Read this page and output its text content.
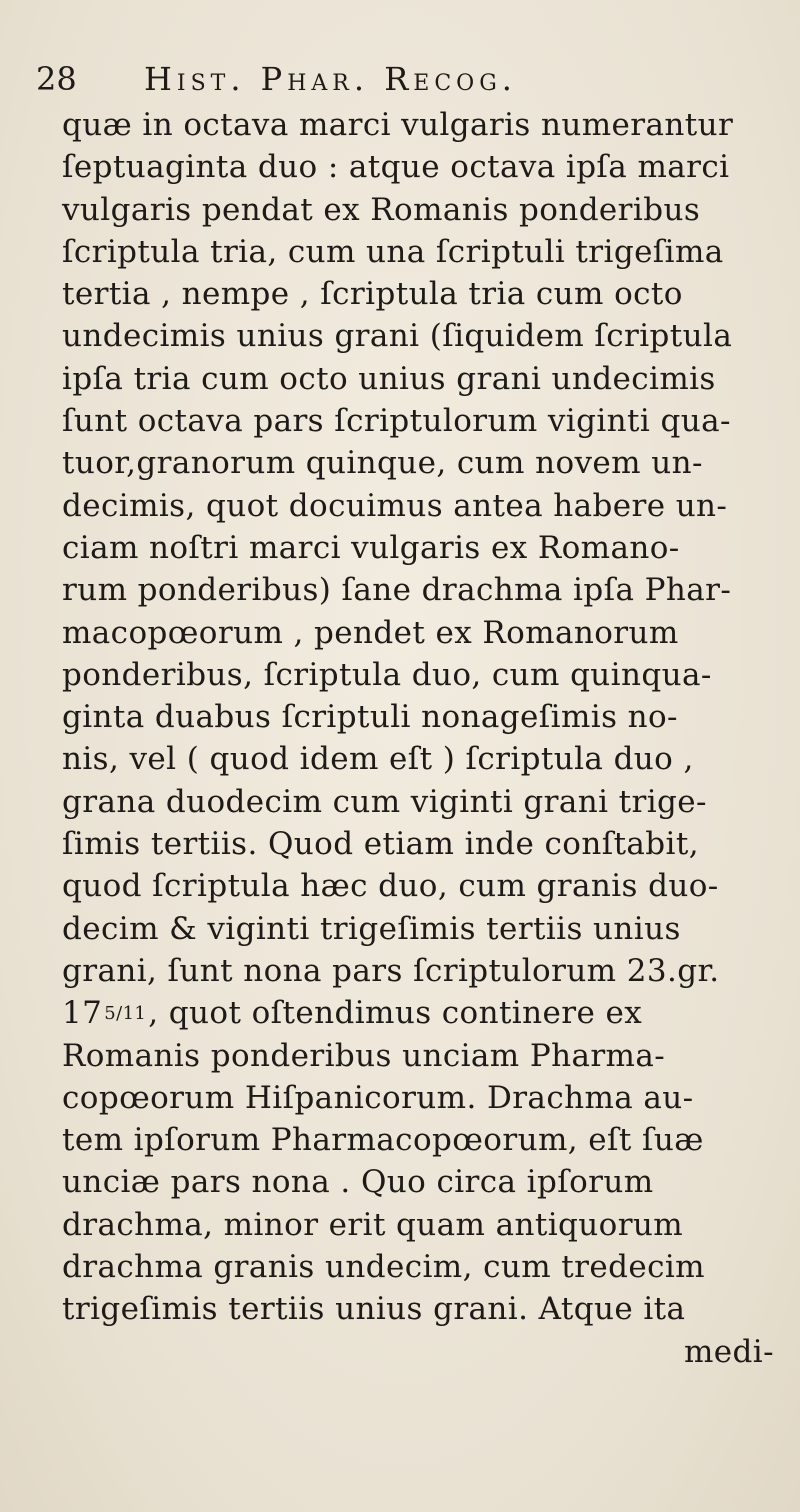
28 Hist. Phar. Recog.
quæ in octava marci vulgaris numerantur
ſeptuaginta duo : atque octava ipſa marci
vulgaris pendat ex Romanis ponderibus
ſcriptula tria, cum una ſcriptuli trigeſima
tertia , nempe , ſcriptula tria cum octo
undecimis unius grani (ſiquidem ſcriptula
ipſa tria cum octo unius grani undecimis
ſunt octava pars ſcriptulorum viginti qua-
tuor,granorum quinque, cum novem un-
decimis, quot docuimus antea habere un-
ciam noſtri marci vulgaris ex Romano-
rum ponderibus) ſane drachma ipſa Phar-
macopœorum , pendet ex Romanorum
ponderibus, ſcriptula duo, cum quinqua-
ginta duabus ſcriptuli nonageſimis no-
nis, vel ( quod idem eſt ) ſcriptula duo ,
grana duodecim cum viginti grani trige-
ſimis tertiis. Quod etiam inde conſtabit,
quod ſcriptula hæc duo, cum granis duo-
decim & viginti trigeſimis tertiis unius
grani, ſunt nona pars ſcriptulorum 23.gr.
17 5/11, quot oſtendimus continere ex
Romanis ponderibus unciam Pharma-
copœorum Hiſpanicorum. Drachma au-
tem ipſorum Pharmacopœorum, eſt ſuæ
unciæ pars nona . Quo circa ipſorum
drachma, minor erit quam antiquorum
drachma granis undecim, cum tredecim
trigeſimis tertiis unius grani. Atque ita
medi-
